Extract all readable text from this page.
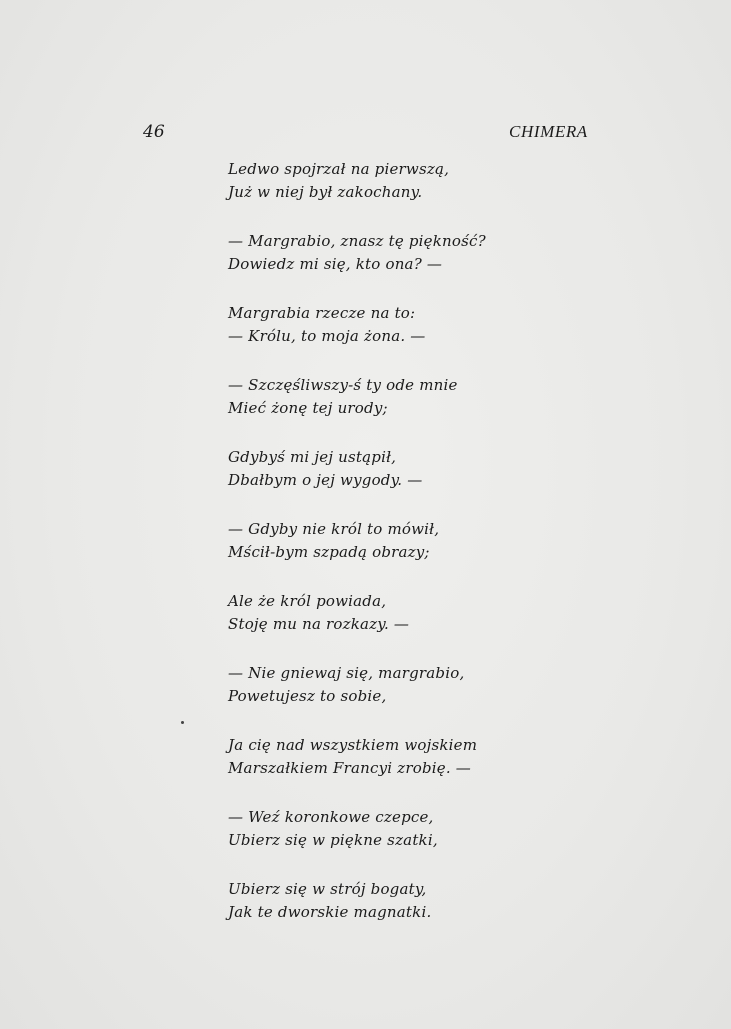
46	CHIMERA
Ledwo spojrzał na pierwszą,
Już w niej był zakochany.
— Margrabio, znasz tę piękność?
Dowiedz mi się, kto ona? —
Margrabia rzecze na to:
— Królu, to moja żona. —
— Szczęśliwszy-ś ty ode mnie
Mieć żonę tej urody;
Gdybyś mi jej ustąpił,
Dbałbym o jej wygody. —
— Gdyby nie król to mówił,
Mścił-bym szpadą obrazy;
Ale że król powiada,
Stoję mu na rozkazy. —
— Nie gniewaj się, margrabio,
Powetujesz to sobie,
Ja cię nad wszystkiem wojskiem
Marszałkiem Francyi zrobię. —
— Weź koronkowe czepce,
Ubierz się w piękne szatki,
Ubierz się w strój bogaty,
Jak te dworskie magnatki.
